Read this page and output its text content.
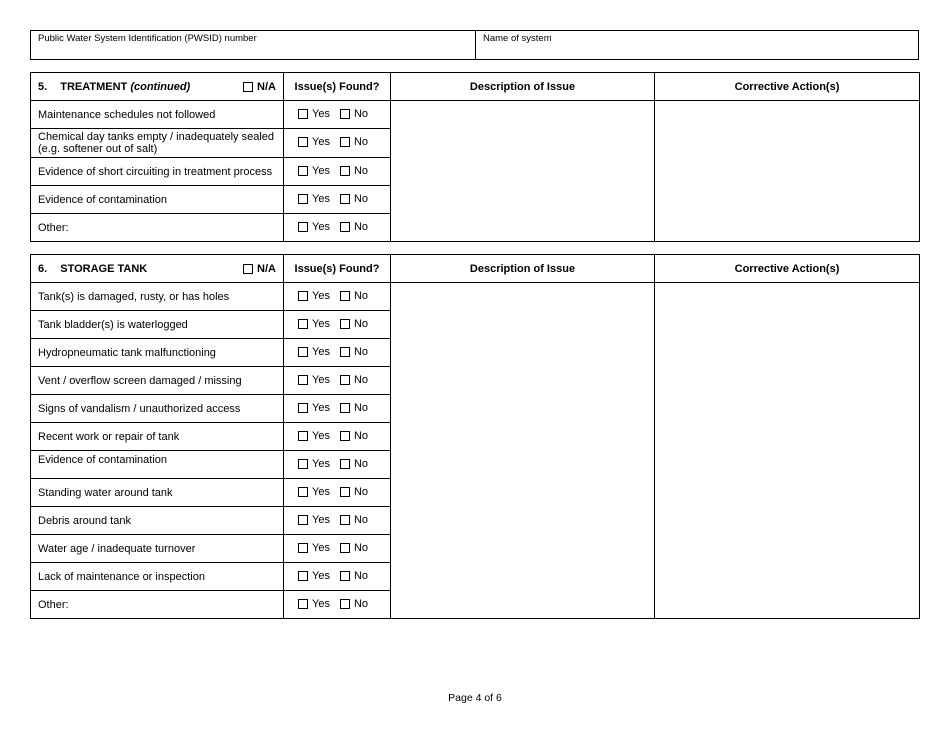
Public Water System Identification (PWSID) number	Name of system
5. TREATMENT (continued) N/A	Issue(s) Found?	Description of Issue	Corrective Action(s)
Maintenance schedules not followed	Yes No		

Chemical day tanks empty / inadequately sealed (e.g. softener out of salt)	Yes No		

Evidence of short circuiting in treatment process	Yes No		

Evidence of contamination	Yes No		

Other:	Yes No		

6. STORAGE TANK N/A	Issue(s) Found?	Description of Issue	Corrective Action(s)
Tank(s) is damaged, rusty, or has holes	Yes No		

Tank bladder(s) is waterlogged	Yes No		

Hydropneumatic tank malfunctioning	Yes No		

Vent / overflow screen damaged / missing	Yes No		

Signs of vandalism / unauthorized access	Yes No		

Recent work or repair of tank	Yes No		

Evidence of contamination	Yes No		

Standing water around tank	Yes No		

Debris around tank	Yes No		

Water age / inadequate turnover	Yes No		

Lack of maintenance or inspection	Yes No		

Other:	Yes No		

Page 4 of 6
